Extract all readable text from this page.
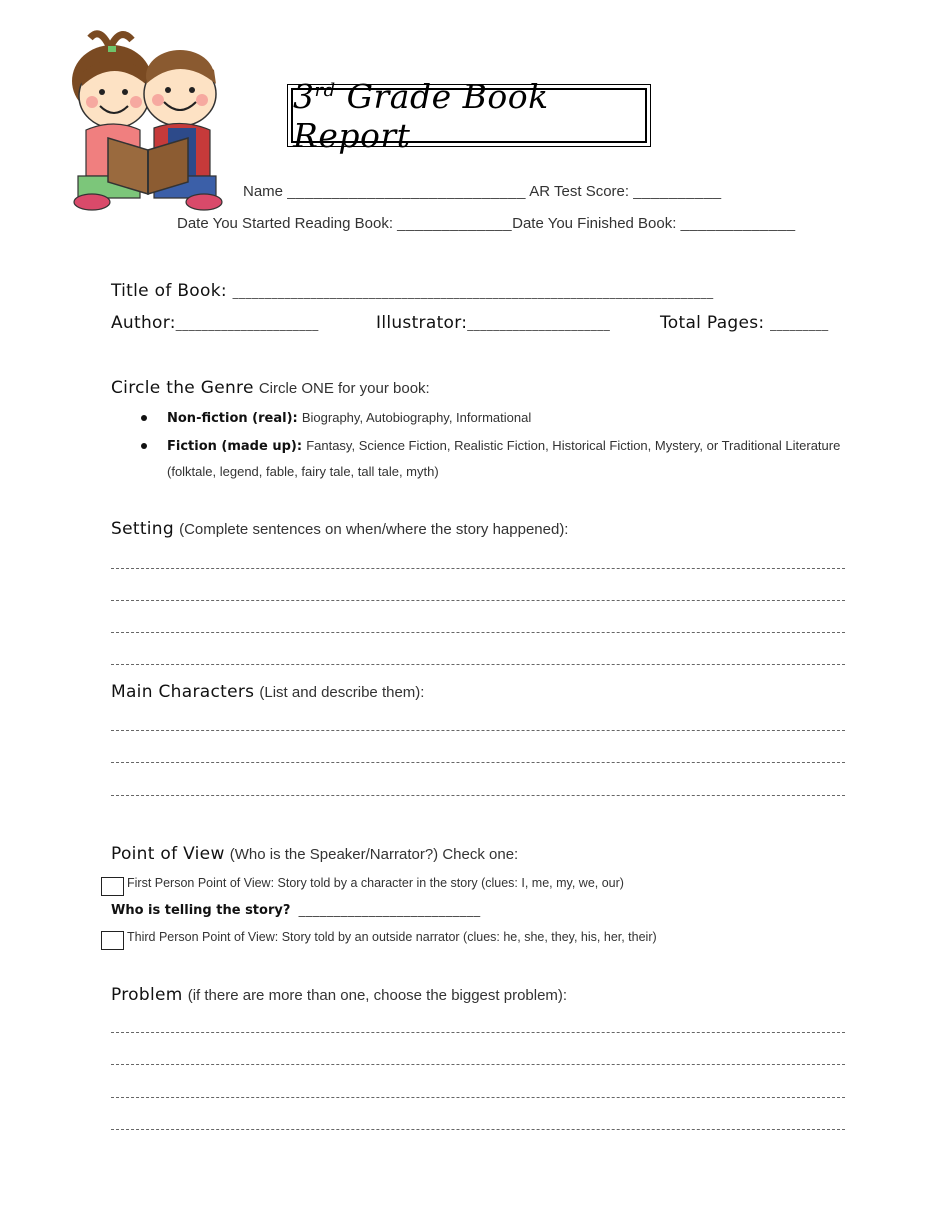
3rd Grade Book Report
Name ___________________________ AR Test Score: __________
Date You Started Reading Book: _____________Date You Finished Book: _____________
Title of Book: __________________________________________________________________________
Author:______________________	Illustrator:______________________	Total Pages: _________
Circle the Genre Circle ONE for your book:
Non-fiction (real): Biography, Autobiography, Informational
Fiction (made up): Fantasy, Science Fiction, Realistic Fiction, Historical Fiction, Mystery, or Traditional Literature
(folktale, legend, fable, fairy tale, tall tale, myth)
Setting (Complete sentences on when/where the story happened):
Main Characters (List and describe them):
Point of View (Who is the Speaker/Narrator?) Check one:
First Person Point of View: Story told by a character in the story (clues: I, me, my, we, our)
Who is telling the story? __________________________
Third Person Point of View: Story told by an outside narrator (clues: he, she, they, his, her, their)
Problem (if there are more than one, choose the biggest problem):
